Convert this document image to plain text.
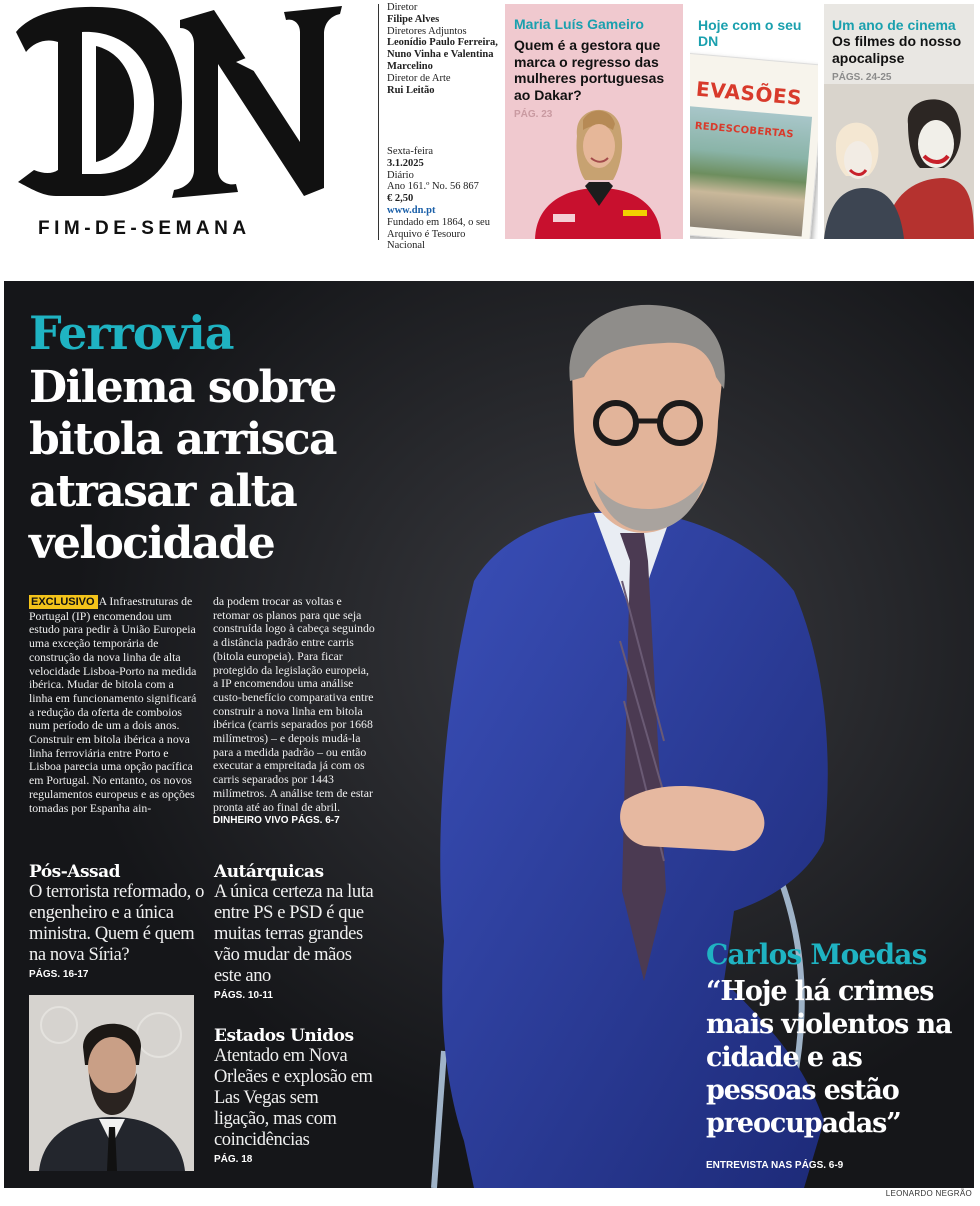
FIM-DE-SEMANA
Diretor
Filipe Alves
Diretores Adjuntos
Leonídio Paulo Ferreira, Nuno Vinha e Valentina Marcelino
Diretor de Arte
Rui Leitão
Sexta-feira
3.1.2025
Diário
Ano 161.º No. 56 867
€ 2,50
www.dn.pt
Fundado em 1864, o seu Arquivo é Tesouro Nacional
Maria Luís Gameiro
Quem é a gestora que marca o regresso das mulheres portuguesas ao Dakar?
PÁG. 23
Hoje com o seu DN
EVASÕES
REDESCOBERTAS
Um ano de cinema
Os filmes do nosso apocalipse
PÁGS. 24-25
Ferrovia
Dilema sobre bitola arrisca atrasar alta velocidade
EXCLUSIVO A Infraestruturas de Portugal (IP) encomendou um estudo para pedir à União Europeia uma exceção temporária de construção da nova linha de alta velocidade Lisboa-Porto na medida ibérica. Mudar de bitola com a linha em funcionamento significará a redução da oferta de comboios num período de um a dois anos. Construir em bitola ibérica a nova linha ferroviária entre Porto e Lisboa parecia uma opção pacífica em Portugal. No entanto, os novos regulamentos europeus e as opções tomadas por Espanha ain-
da podem trocar as voltas e retomar os planos para que seja construída logo à cabeça seguindo a distância padrão entre carris (bitola europeia). Para ficar protegido da legislação europeia, a IP encomendou uma análise custo-benefício comparativa entre construir a nova linha em bitola ibérica (carris separados por 1668 milímetros) – e depois mudá-la para a medida padrão – ou então executar a empreitada já com os carris separados por 1443 milímetros. A análise tem de estar pronta até ao final de abril.
DINHEIRO VIVO PÁGS. 6-7
Pós-Assad
O terrorista reformado, o engenheiro e a única ministra. Quem é quem na nova Síria?
PÁGS. 16-17
Autárquicas
A única certeza na luta entre PS e PSD é que muitas terras grandes vão mudar de mãos este ano
PÁGS. 10-11
Estados Unidos
Atentado em Nova Orleães e explosão em Las Vegas sem ligação, mas com coincidências
PÁG. 18
Carlos Moedas
“Hoje há crimes mais violentos na cidade e as pessoas estão preocupadas”
ENTREVISTA NAS PÁGS. 6-9
LEONARDO NEGRÃO
